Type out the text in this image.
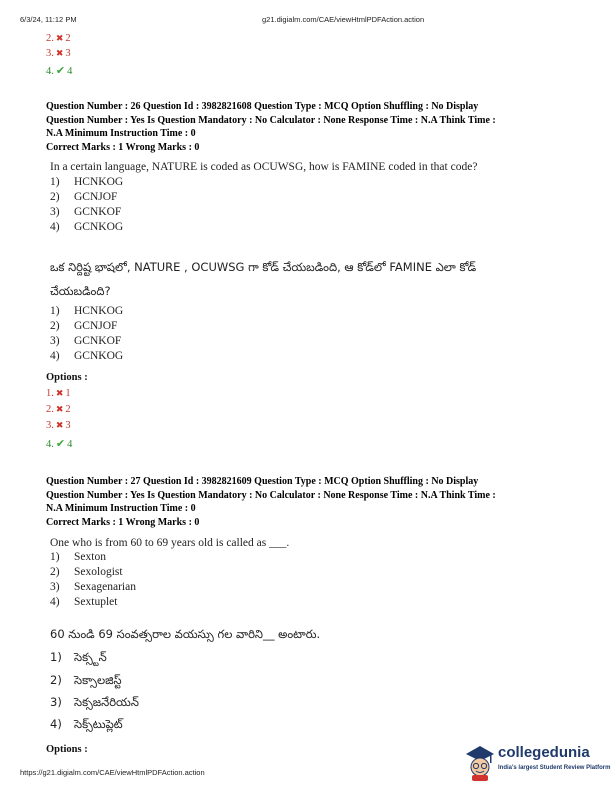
6/3/24, 11:12 PM	g21.digialm.com/CAE/viewHtmlPDFAction.action
2. ✖ 2
3. ✖ 3
4. ✔ 4
Question Number : 26 Question Id : 3982821608 Question Type : MCQ Option Shuffling : No Display
Question Number : Yes Is Question Mandatory : No Calculator : None Response Time : N.A Think Time :
N.A Minimum Instruction Time : 0
Correct Marks : 1 Wrong Marks : 0
In a certain language, NATURE is coded as OCUWSG, how is FAMINE coded in that code?
1) HCNKOG
2) GCNJOF
3) GCNKOF
4) GCNKOG
ఒక నిర్దిష్ట భాషలో, NATURE , OCUWSG గా కోడ్ చేయబడింది, ఆ కోడ్‌లో FAMINE ఎలా కోడ్
చేయబడింది?
1) HCNKOG
2) GCNJOF
3) GCNKOF
4) GCNKOG
Options :
1. ✖ 1
2. ✖ 2
3. ✖ 3
4. ✔ 4
Question Number : 27 Question Id : 3982821609 Question Type : MCQ Option Shuffling : No Display
Question Number : Yes Is Question Mandatory : No Calculator : None Response Time : N.A Think Time :
N.A Minimum Instruction Time : 0
Correct Marks : 1 Wrong Marks : 0
One who is from 60 to 69 years old is called as ___.
1) Sexton
2) Sexologist
3) Sexagenarian
4) Sextuplet
60 నుండి 69 సంవత్సరాల వయస్సు గల వారిని__ అంటారు.
1) సెక్స్టన్
2) సెక్సాలజిస్ట్
3) సెక్సజనేరియన్
4) సెక్స్‌టుప్లెట్
Options :
https://g21.digialm.com/CAE/viewHtmlPDFAction.action
collegedunia
India's largest Student Review Platform
